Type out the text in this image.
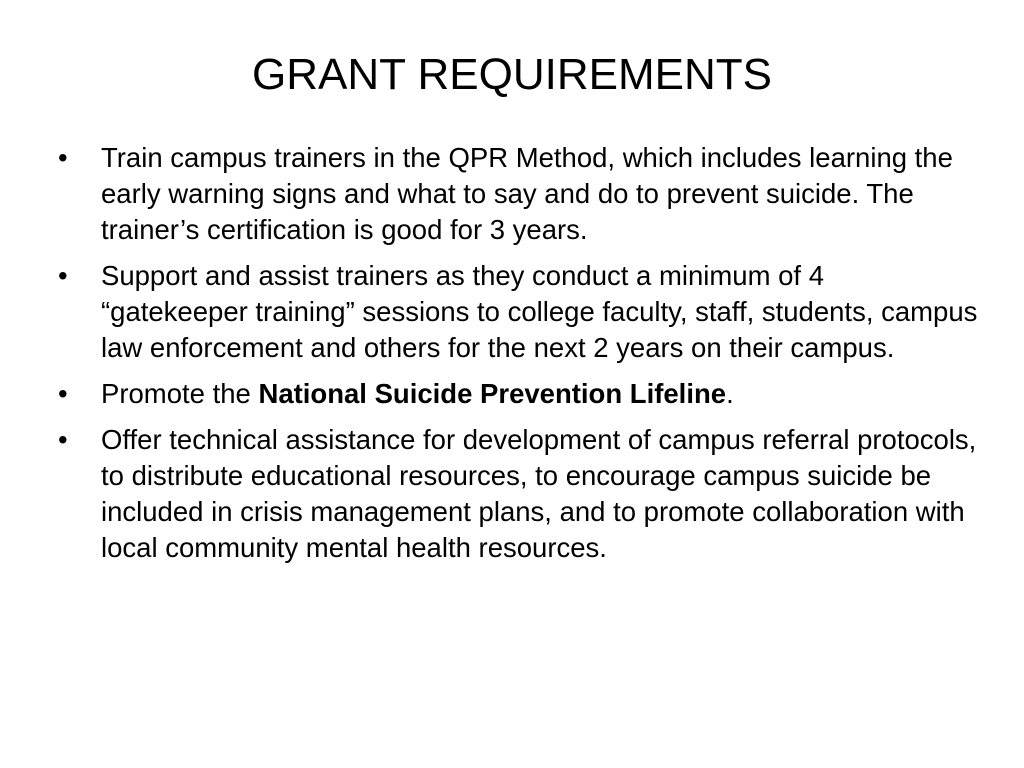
GRANT REQUIREMENTS
•	Train campus trainers in the QPR Method, which includes learning the early warning signs and what to say and do to prevent suicide. The trainer’s certification is good for 3 years.
•	Support and assist trainers as they conduct a minimum of 4 “gatekeeper training” sessions to college faculty, staff, students, campus law enforcement and others for the next 2 years on their campus.
•	Promote the National Suicide Prevention Lifeline.
•	Offer technical assistance for development of campus referral protocols, to distribute educational resources, to encourage campus suicide be included in crisis management plans, and to promote collaboration with local community mental health resources.
